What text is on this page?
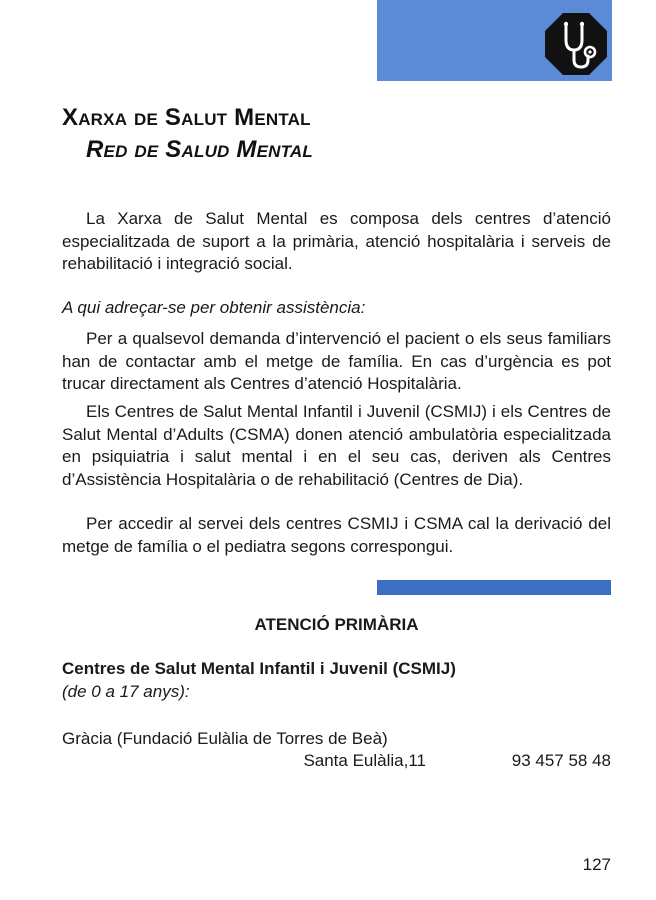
Xarxa de Salut Mental
Red de Salud Mental

La Xarxa de Salut Mental es composa dels centres d’atenció especialitzada de suport a la primària, atenció hospitalària i serveis de rehabilitació i integració social.

A qui adreçar-se per obtenir assistència:

Per a qualsevol demanda d’intervenció el pacient o els seus familiars han de contactar amb el metge de família. En cas d’urgència es pot trucar directament als Centres d’atenció Hospitalària.

Els Centres de Salut Mental Infantil i Juvenil (CSMIJ) i els Centres de Salut Mental d’Adults (CSMA) donen atenció ambulatòria especialitzada en psiquiatria i salut mental i en el seu cas, deriven als Centres d’Assistència Hospitalària o de rehabilitació (Centres de Dia).

Per accedir al servei dels centres CSMIJ i CSMA cal la derivació del metge de família o el pediatra segons correspongui.

ATENCIÓ PRIMÀRIA

Centres de Salut Mental Infantil i Juvenil (CSMIJ)

(de 0 a 17 anys):

Gràcia (Fundació Eulàlia de Torres de Beà)

Santa Eulàlia,11	93 457 58 48

127
